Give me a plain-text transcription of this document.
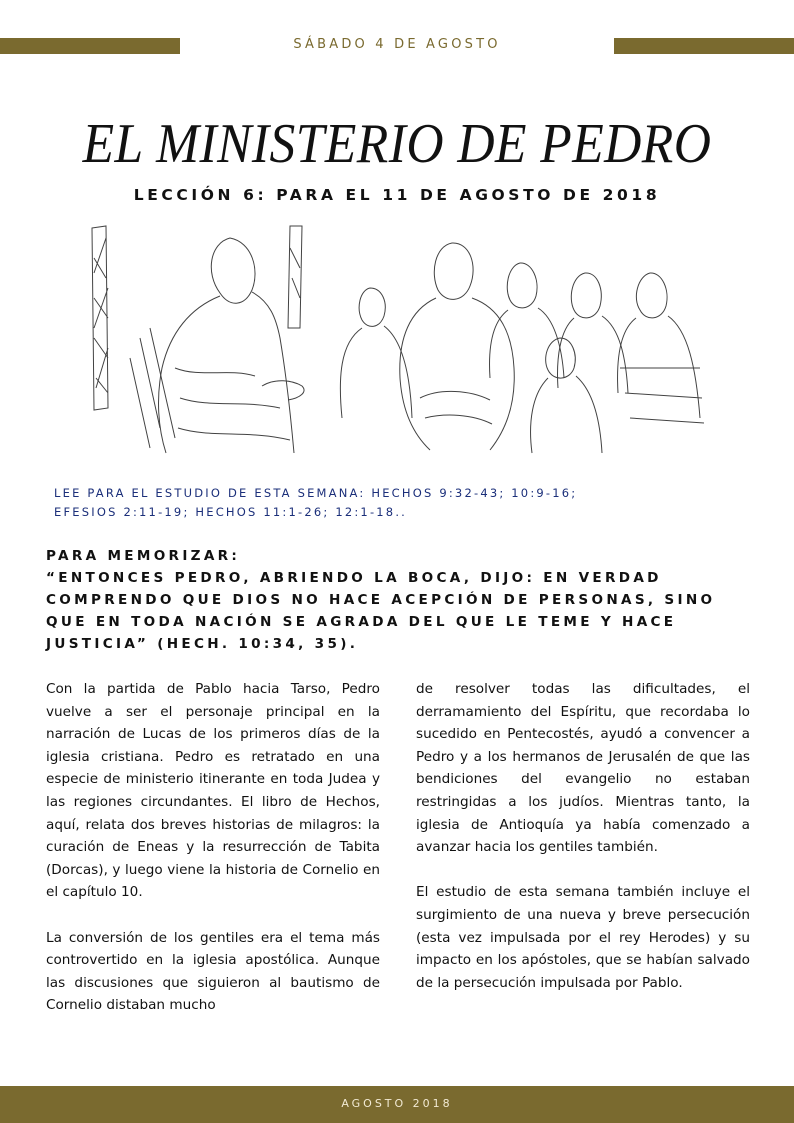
SÁBADO 4 DE AGOSTO
EL MINISTERIO DE PEDRO
LECCIÓN 6: PARA EL 11 DE AGOSTO DE 2018
LEE PARA EL ESTUDIO DE ESTA SEMANA: HECHOS 9:32-43; 10:9-16;
EFESIOS 2:11-19; HECHOS 11:1-26; 12:1-18..
PARA MEMORIZAR:
“ENTONCES PEDRO, ABRIENDO LA BOCA, DIJO: EN VERDAD COMPRENDO QUE DIOS NO HACE ACEPCIÓN DE PERSONAS, SINO QUE EN TODA NACIÓN SE AGRADA DEL QUE LE TEME Y HACE JUSTICIA” (HECH. 10:34, 35).

Con la partida de Pablo hacia Tarso, Pedro vuelve a ser el personaje principal en la narración de Lucas de los primeros días de la iglesia cristiana. Pedro es retratado en una especie de ministerio itinerante en toda Judea y las regiones circundantes. El libro de Hechos, aquí, relata dos breves historias de milagros: la curación de Eneas y la resurrección de Tabita (Dorcas), y luego viene la historia de Cornelio en el capítulo 10.

La conversión de los gentiles era el tema más controvertido en la iglesia apostólica. Aunque las discusiones que siguieron al bautismo de Cornelio distaban mucho

de resolver todas las dificultades, el derramamiento del Espíritu, que recordaba lo sucedido en Pentecostés, ayudó a convencer a Pedro y a los hermanos de Jerusalén de que las bendiciones del evangelio no estaban restringidas a los judíos. Mientras tanto, la iglesia de Antioquía ya había comenzado a avanzar hacia los gentiles también.

El estudio de esta semana también incluye el surgimiento de una nueva y breve persecución (esta vez impulsada por el rey Herodes) y su impacto en los apóstoles, que se habían salvado de la persecución impulsada por Pablo.

AGOSTO 2018
